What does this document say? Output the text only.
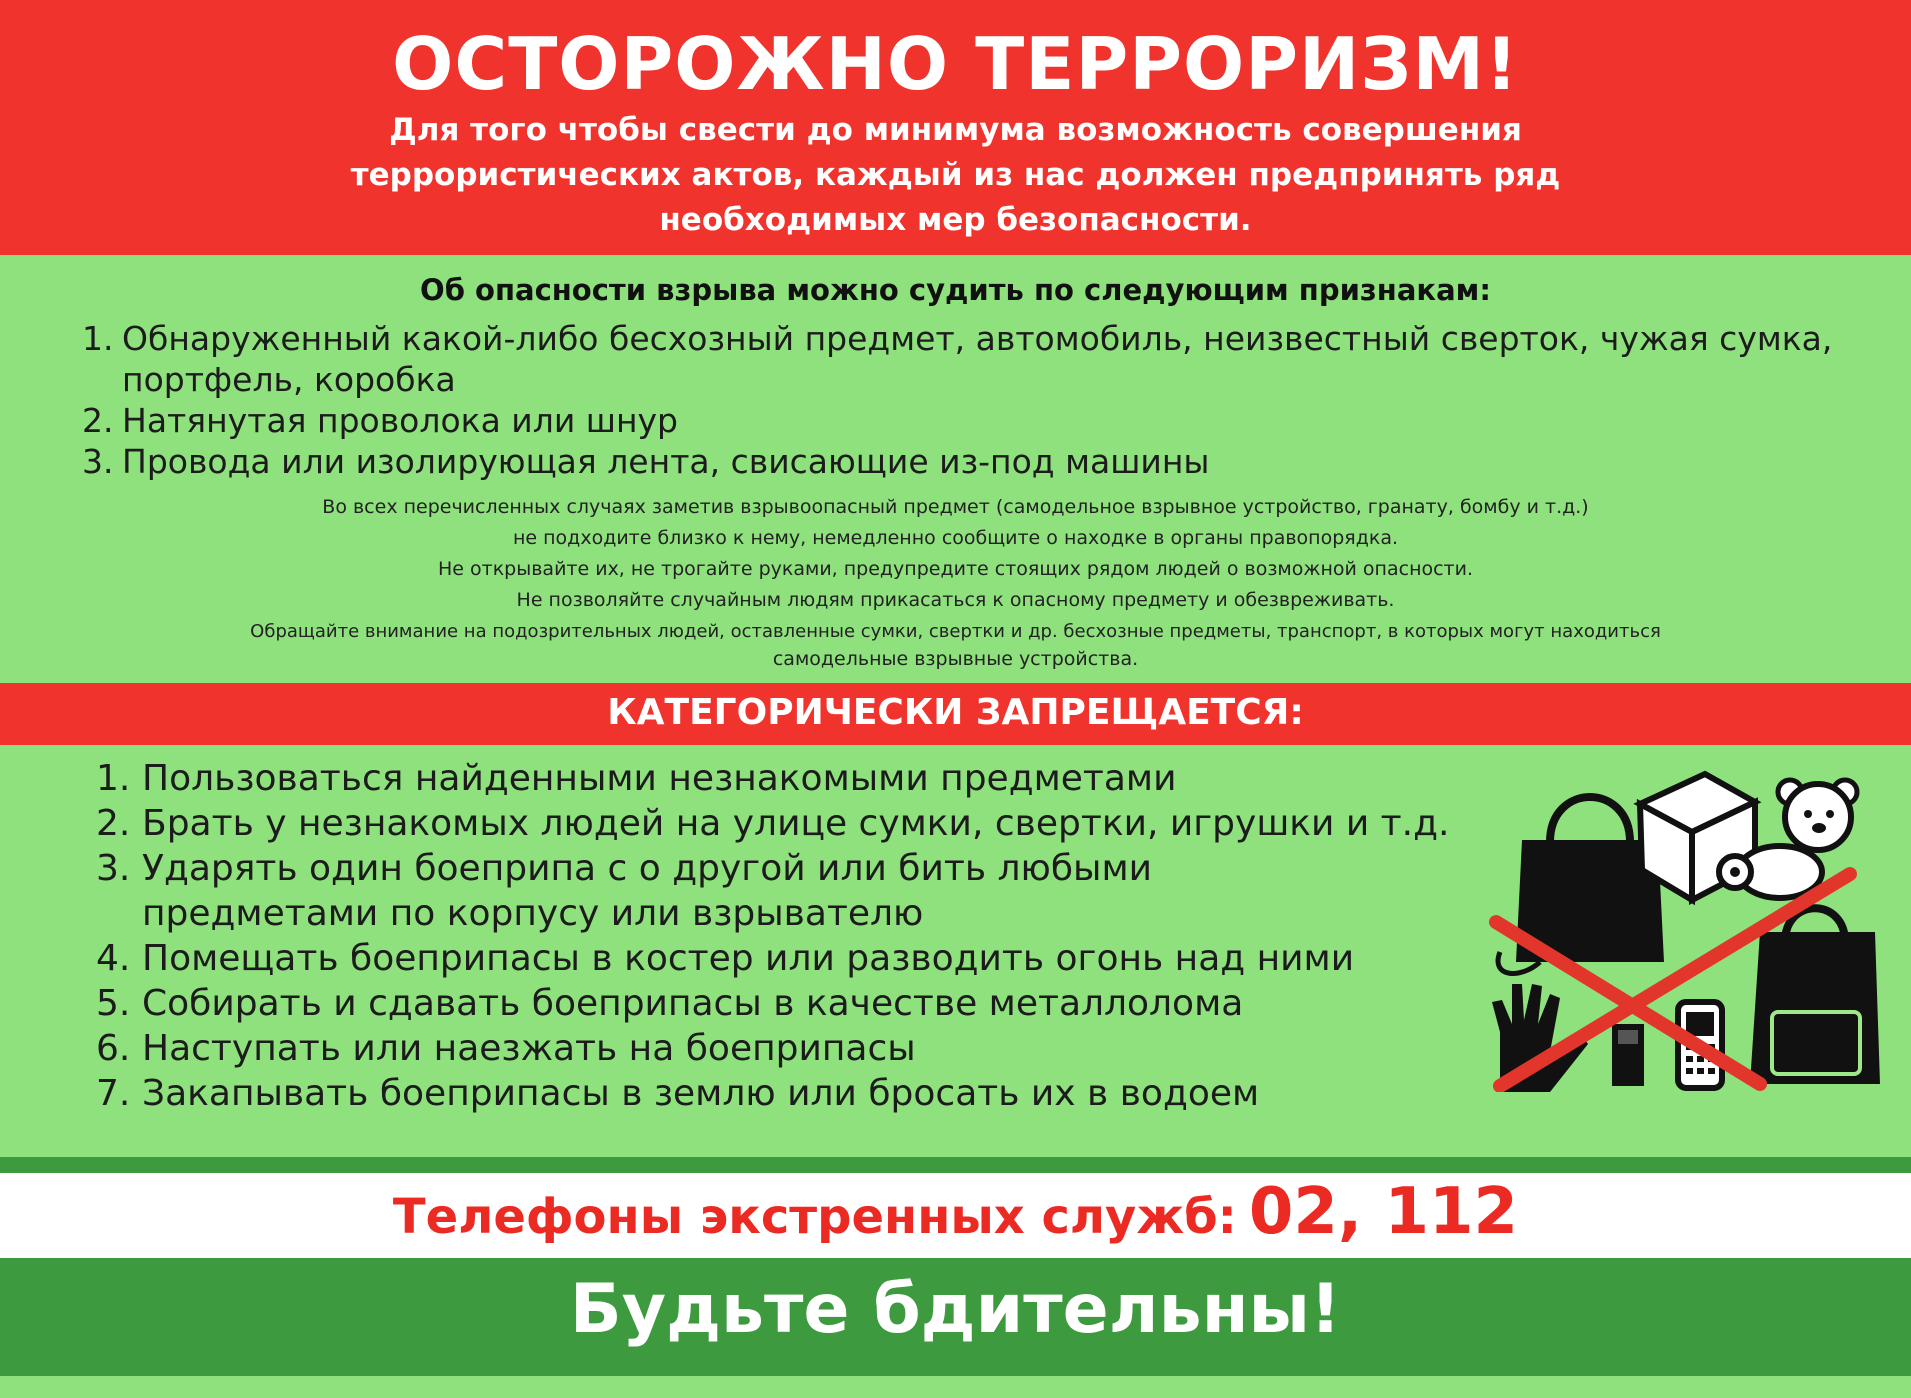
ОСТОРОЖНО ТЕРРОРИЗМ!
Для того чтобы свести до минимума возможность совершения
террористических актов, каждый из нас должен предпринять ряд
необходимых мер безопасности.
Об опасности взрыва можно судить по следующим признакам:
1. Обнаруженный какой-либо бесхозный предмет, автомобиль, неизвестный сверток, чужая сумка,
портфель, коробка
2. Натянутая проволока или шнур
3. Провода или изолирующая лента, свисающие из-под машины
Во всех перечисленных случаях заметив взрывоопасный предмет (самодельное взрывное устройство, гранату, бомбу и т.д.)
не подходите близко к нему, немедленно сообщите о находке в органы правопорядка.
Не открывайте их, не трогайте руками, предупредите стоящих рядом людей о возможной опасности.
Не позволяйте случайным людям прикасаться к опасному предмету и обезвреживать.
Обращайте внимание на подозрительных людей, оставленные сумки, свертки и др. бесхозные предметы, транспорт, в которых могут находиться
самодельные взрывные устройства.
КАТЕГОРИЧЕСКИ ЗАПРЕЩАЕТСЯ:
1. Пользоваться найденными незнакомыми предметами
2. Брать у незнакомых людей на улице сумки, свертки, игрушки и т.д.
3. Ударять один боеприпа с о другой или бить любыми
предметами по корпусу или взрывателю
4. Помещать боеприпасы в костер или разводить огонь над ними
5. Собирать и сдавать боеприпасы в качестве металлолома
6. Наступать или наезжать на боеприпасы
7. Закапывать боеприпасы в землю или бросать их в водоем
Телефоны экстренных служб: 02, 112
Будьте бдительны!
